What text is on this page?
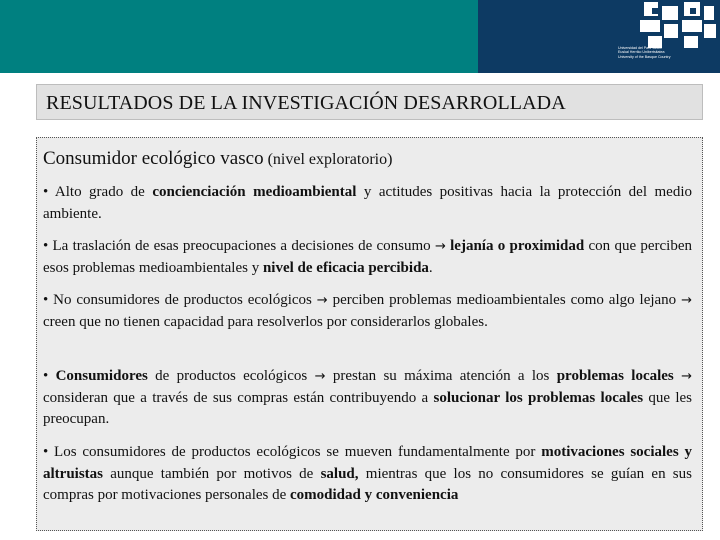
Universidad del País Vasco
Euskal Herriko Unibertsitatea
University of the Basque Country
RESULTADOS DE LA INVESTIGACIÓN DESARROLLADA
Consumidor ecológico vasco (nivel exploratorio)
• Alto grado de concienciación medioambiental y actitudes positivas hacia la protección del medio ambiente.
• La traslación de esas preocupaciones a decisiones de consumo → lejanía o proximidad con que perciben esos problemas medioambientales y nivel de eficacia percibida.
• No consumidores de productos ecológicos → perciben problemas medioambientales como algo lejano → creen que no tienen capacidad para resolverlos por considerarlos globales.
• Consumidores de productos ecológicos → prestan su máxima atención a los problemas locales → consideran que a través de sus compras están contribuyendo a solucionar los problemas locales que les preocupan.
• Los consumidores de productos ecológicos se mueven fundamentalmente por motivaciones sociales y altruistas aunque también por motivos de salud, mientras que los no consumidores se guían en sus compras por motivaciones personales de comodidad y conveniencia
